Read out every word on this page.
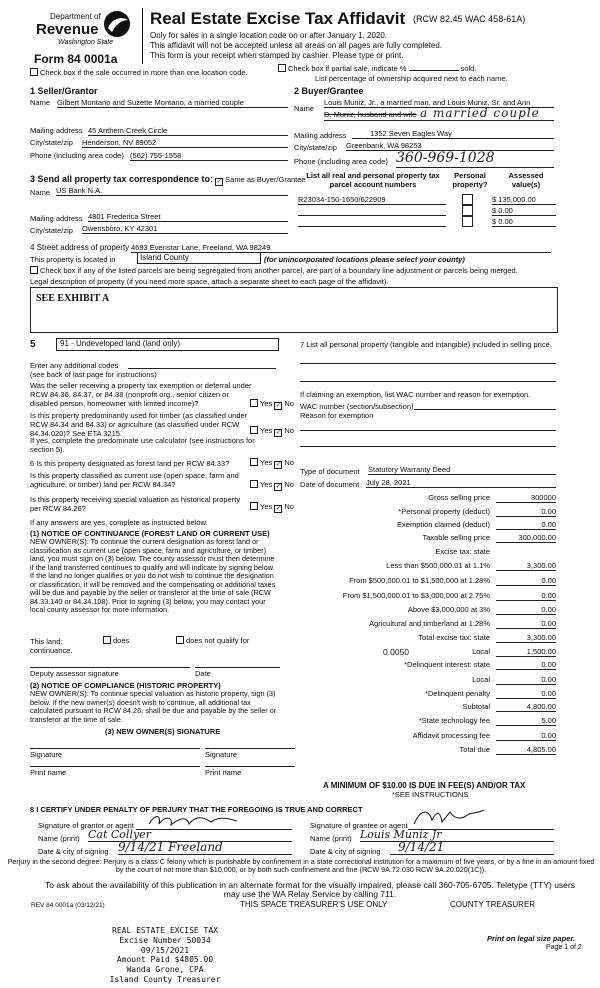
Department of
Revenue
Washington State
Form 84 0001a
Real Estate Excise Tax Affidavit (RCW 82.45 WAC 458-61A)
Only for sales in a single location code on or after January 1, 2020.
This affidavit will not be accepted unless all areas on all pages are fully completed.
This form is your receipt when stamped by cashier. Please type or print.
Check box if the sale occurred in more than one location code.	Check box if partial sale, indicate %	sold.
List percentage of ownership acquired next to each name.
1 Seller/Grantor
Name Gilbert Montano and Suzette Montano, a married couple
Mailing address 45 Anthem Creek Circle
City/state/zip Henderson, NV 89052
Phone (including area code) (562) 755-1558
2 Buyer/Grantee
Name
Louis Muniz, Jr., a married man, and Louis Muniz, Sr. and Ann
D. Muniz, husband and wife a married couple
Mailing address	1352 Seven Eagles Way
City/state/zip Greenbank, WA 98253
Phone (including area code) 360-969-1028
3 Send all property tax correspondence to: ✓ Same as Buyer/Grantee
Name US Bank N.A.
Mailing address 4801 Frederica Street
City/state/zip Owensboro, KY 42301
List all real and personal property tax parcel account numbers
Personal property?
Assessed value(s)
R23034-150-1650/622909	$ 135,000.00
$ 0.00
$ 0.00
4 Street address of property 4693 Evenstar Lane, Freeland, WA 98249
This property is located in	Island County	(for unincorporated locations please select your county)
Check box if any of the listed parcels are being segregated from another parcel, are part of a boundary line adjustment or parcels being merged.
Legal description of property (if you need more space, attach a separate sheet to each page of the affidavit).
SEE EXHIBIT A
5	91 - Undeveloped land (land only)
Enter any additional codes
(see back of last page for instructions)
Was the seller receiving a property tax exemption or deferral under RCW 84.36, 84.37, or 84.38 (nonprofit org., senior citizen or disabled person, homeowner with limited income)?	Yes ✓ No
Is this property predominantly used for timber (as classified under RCW 84.34 and 84.33) or agriculture (as classified under RCW 84.34.020)? See ETA 3215.	Yes ✓ No
If yes, complete the predominate use calculator (see instructions for section 5).
6 Is this property designated as forest land per RCW 84.33?	Yes ✓ No
Is this property classified as current use (open space, farm and agriculture, or timber) land per RCW 84.34?	Yes ✓ No
Is this property receiving special valuation as historical property per RCW 84.26?	Yes ✓ No
If any answers are yes, complete as instructed below.
(1) NOTICE OF CONTINUANCE (FOREST LAND OR CURRENT USE)
NEW OWNER(S): To continue the current designation as forest land or classification as current use (open space, farm and agriculture, or timber) land, you must sign on (3) below. The county assessor must then determine if the land transferred continues to qualify and will indicate by signing below. If the land no longer qualifies or you do not wish to continue the designation or classification, it will be removed and the compensating or additional taxes will be due and payable by the seller or transferor at the time of sale (RCW 84.33.140 or 84.34.108). Prior to signing (3) below, you may contact your local county assessor for more information.
This land:	does	does not qualify for
continuance.
Deputy assessor signature	Date
(2) NOTICE OF COMPLIANCE (HISTORIC PROPERTY)
NEW OWNER(S): To continue special valuation as historic property, sign (3) below. If the new owner(s) doesn't wish to continue, all additional tax calculated pursuant to RCW 84.26, shall be due and payable by the seller or transferor at the time of sale.
(3) NEW OWNER(S) SIGNATURE
Signature	Signature
Print name	Print name
7 List all personal property (tangible and intangible) included in selling price.
If claiming an exemption, list WAC number and reason for exemption.
WAC number (section/subsection)
Reason for exemption
Type of document Statutory Warranty Deed
Date of document July 28, 2021
Gross selling price	300000
*Personal property (deduct)	0.00
Exemption claimed (deduct)	0.00
Taxable selling price	300,000.00
Excise tax: state
Less than $500,000.01 at 1.1%	3,300.00
From $500,000.01 to $1,500,000 at 1.28%	0.00
From $1,500,000.01 to $3,000,000 at 2.75%	0.00
Above $3,000,000 at 3%	0.00
Agricultural and timberland at 1.28%	0.00
Total excise tax: state	3,300.00
Local	1,500.00
*Delinquent interest: state	0.00
Local	0.00
*Delinquent penalty	0.00
Subtotal	4,800.00
*State technology fee	5.00
Affidavit processing fee	0.00
Total due	4,805.00
0.0050
A MINIMUM OF $10.00 IS DUE IN FEE(S) AND/OR TAX
*SEE INSTRUCTIONS
8 I CERTIFY UNDER PENALTY OF PERJURY THAT THE FOREGOING IS TRUE AND CORRECT
Signature of grantor or agent
Name (print) Cat Collyer
Date & city of signing 9/14/21 Freeland
Signature of grantee or agent
Name (print) Louis Muniz Jr
Date & city of signing	9/14/21
Perjury in the second degree: Perjury is a class C felony which is punishable by confinement in a state correctional institution for a maximum of five years, or by a fine in an amount fixed by the court of not more than $10,000, or by both such confinement and fine (RCW 9A.72.030 RCW 9A.20.020(1C)).
To ask about the availability of this publication in an alternate format for the visually impaired, please call 360-705-6705. Teletype (TTY) users may use the WA Relay Service by calling 711.
REV 84 0001a (03/12/21)	THIS SPACE TREASURER'S USE ONLY	COUNTY TREASURER
REAL ESTATE EXCISE TAX
Excise Number 50034
09/15/2021
Amount Paid $4805.00
Wanda Grone, CPA
Island County Treasurer
Print on legal size paper.
Page 1 of 2
